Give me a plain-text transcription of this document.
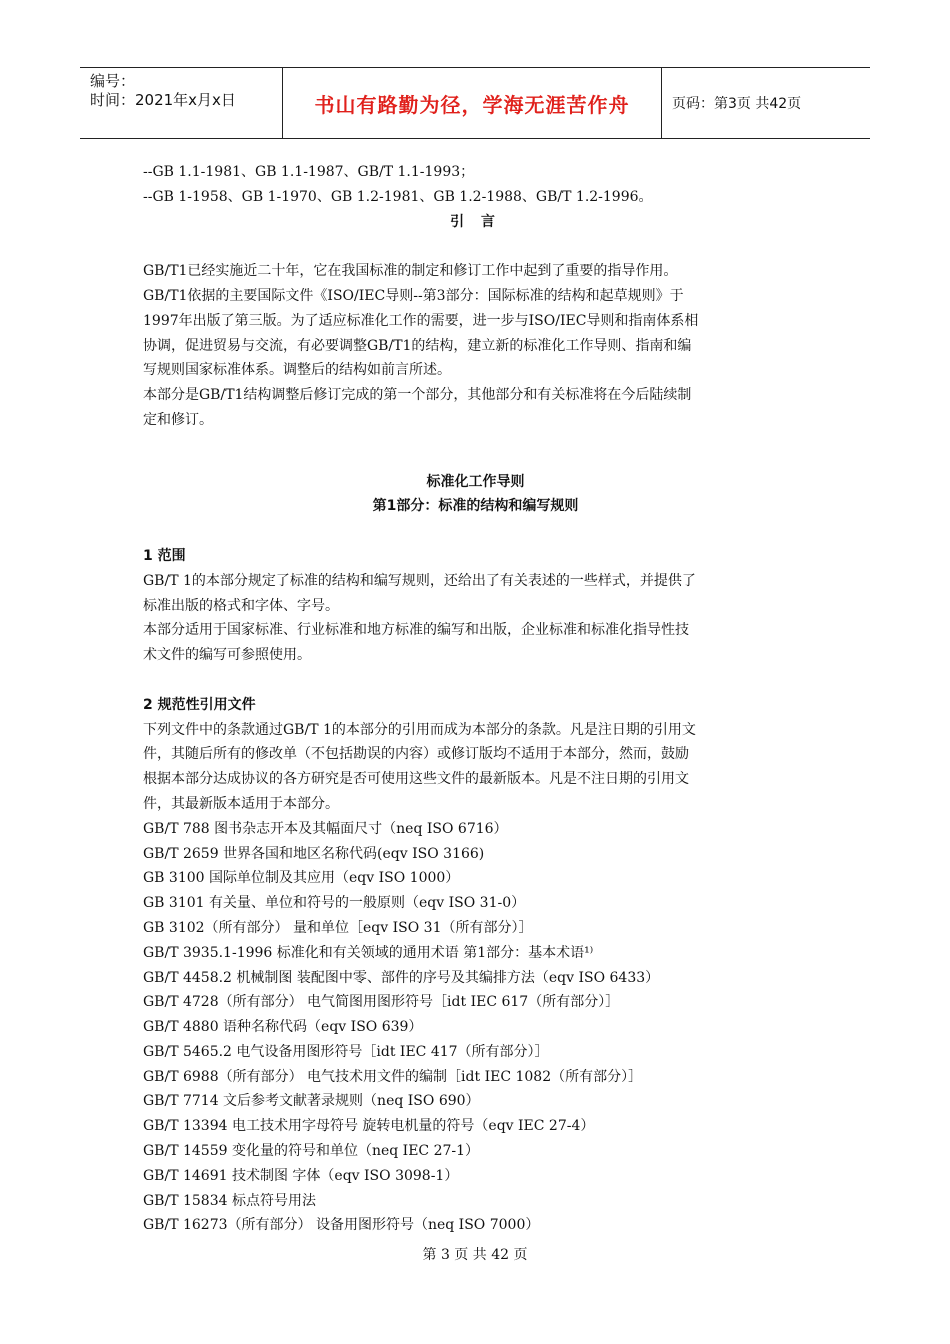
编号：
时间：2021年x月x日	书山有路勤为径，学海无涯苦作舟	页码：第3页 共42页
--GB 1.1-1981、GB 1.1-1987、GB/T 1.1-1993；
--GB 1-1958、GB 1-1970、GB 1.2-1981、GB 1.2-1988、GB/T 1.2-1996。
引 言
GB/T1已经实施近二十年，它在我国标准的制定和修订工作中起到了重要的指导作用。
GB/T1依据的主要国际文件《ISO/IEC导则--第3部分：国际标准的结构和起草规则》于
1997年出版了第三版。为了适应标准化工作的需要，进一步与ISO/IEC导则和指南体系相
协调，促进贸易与交流，有必要调整GB/T1的结构，建立新的标准化工作导则、指南和编
写规则国家标准体系。调整后的结构如前言所述。
本部分是GB/T1结构调整后修订完成的第一个部分，其他部分和有关标准将在今后陆续制
定和修订。
标准化工作导则
第1部分：标准的结构和编写规则
1 范围
GB/T 1的本部分规定了标准的结构和编写规则，还给出了有关表述的一些样式，并提供了
标准出版的格式和字体、字号。
本部分适用于国家标准、行业标准和地方标准的编写和出版，企业标准和标准化指导性技
术文件的编写可参照使用。
2 规范性引用文件
下列文件中的条款通过GB/T 1的本部分的引用而成为本部分的条款。凡是注日期的引用文
件，其随后所有的修改单（不包括勘误的内容）或修订版均不适用于本部分，然而，鼓励
根据本部分达成协议的各方研究是否可使用这些文件的最新版本。凡是不注日期的引用文
件，其最新版本适用于本部分。
GB/T 788 图书杂志开本及其幅面尺寸（neq ISO 6716）
GB/T 2659 世界各国和地区名称代码(eqv ISO 3166)
GB 3100 国际单位制及其应用（eqv ISO 1000）
GB 3101 有关量、单位和符号的一般原则（eqv ISO 31-0）
GB 3102（所有部分） 量和单位［eqv ISO 31（所有部分）］
GB/T 3935.1-1996 标准化和有关领域的通用术语 第1部分：基本术语¹⁾
GB/T 4458.2 机械制图 装配图中零、部件的序号及其编排方法（eqv ISO 6433）
GB/T 4728（所有部分） 电气简图用图形符号［idt IEC 617（所有部分）］
GB/T 4880 语种名称代码（eqv ISO 639）
GB/T 5465.2 电气设备用图形符号［idt IEC 417（所有部分）］
GB/T 6988（所有部分） 电气技术用文件的编制［idt IEC 1082（所有部分）］
GB/T 7714 文后参考文献著录规则（neq ISO 690）
GB/T 13394 电工技术用字母符号 旋转电机量的符号（eqv IEC 27-4）
GB/T 14559 变化量的符号和单位（neq IEC 27-1）
GB/T 14691 技术制图 字体（eqv ISO 3098-1）
GB/T 15834 标点符号用法
GB/T 16273（所有部分） 设备用图形符号（neq ISO 7000）
第 3 页 共 42 页
